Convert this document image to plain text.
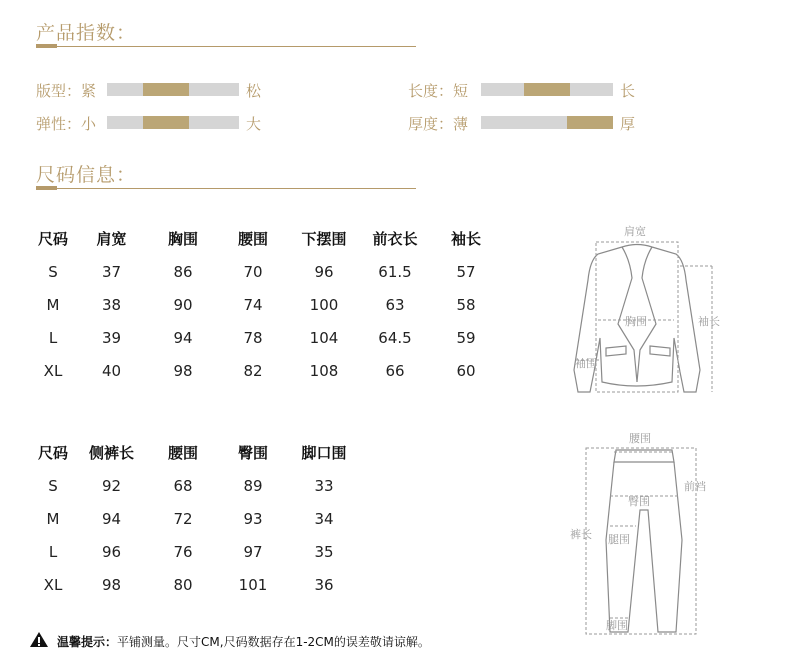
产品指数：
版型：紧	松	长度：短	长
弹性：小	大	厚度：薄	厚
尺码信息：
尺码	肩宽	胸围	腰围	下摆围	前衣长	袖长
S	37	86	70	96	61.5	57
M	38	90	74	100	63	58
L	39	94	78	104	64.5	59
XL	40	98	82	108	66	60
尺码	侧裤长	腰围	臀围	脚口围
S	92	68	89	33
M	94	72	93	34
L	96	76	97	35
XL	98	80	101	36
肩宽
胸围	袖长
袖围
腰围
臀围
前裆
裤长 腿围
脚围
温馨提示：平铺测量。尺寸CM,尺码数据存在1-2CM的误差敬请谅解。
